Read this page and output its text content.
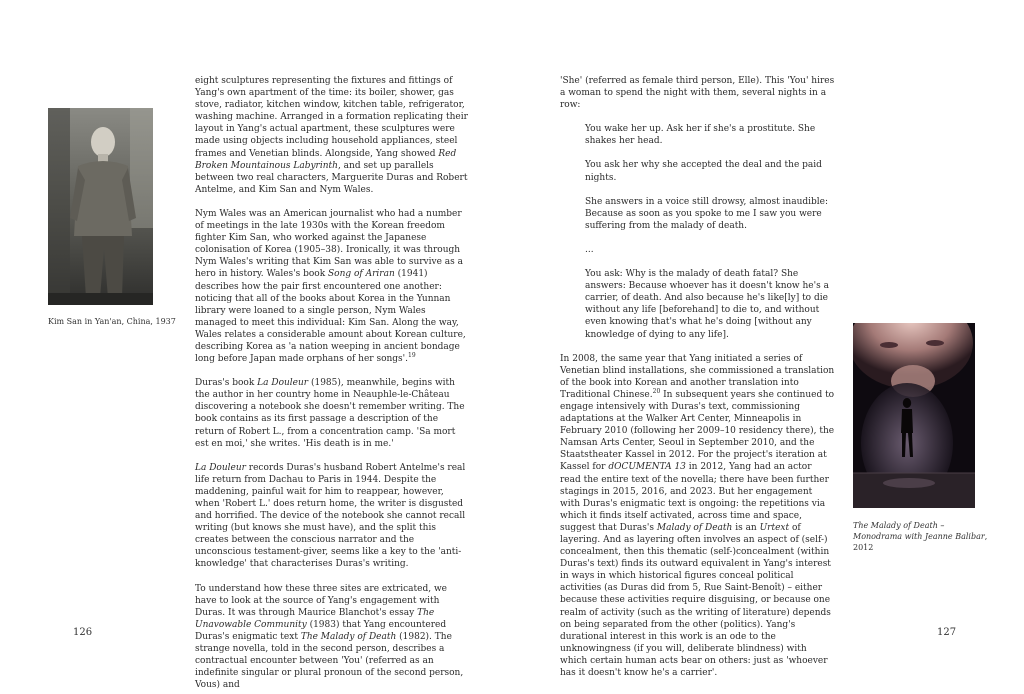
Kim San in Yan'an, China, 1937

eight sculptures representing the fixtures and fittings of Yang's own apartment of the time: its boiler, shower, gas stove, radiator, kitchen window, kitchen table, refrigerator, washing machine. Arranged in a formation replicating their layout in Yang's actual apartment, these sculptures were made using objects including household appliances, steel frames and Venetian blinds. Alongside, Yang showed Red Broken Mountainous Labyrinth, and set up parallels between two real characters, Marguerite Duras and Robert Antelme, and Kim San and Nym Wales.

Nym Wales was an American journalist who had a number of meetings in the late 1930s with the Korean freedom fighter Kim San, who worked against the Japanese colonisation of Korea (1905–38). Ironically, it was through Nym Wales's writing that Kim San was able to survive as a hero in history. Wales's book Song of Ariran (1941) describes how the pair first encountered one another: noticing that all of the books about Korea in the Yunnan library were loaned to a single person, Nym Wales managed to meet this individual: Kim San. Along the way, Wales relates a considerable amount about Korean culture, describing Korea as 'a nation weeping in ancient bondage long before Japan made orphans of her songs'.$^{19}$

Duras's book La Douleur (1985), meanwhile, begins with the author in her country home in Neauphle-le-Château discovering a notebook she doesn't remember writing. The book contains as its first passage a description of the return of Robert L., from a concentration camp. 'Sa mort est en moi,' she writes. 'His death is in me.'

La Douleur records Duras's husband Robert Antelme's real life return from Dachau to Paris in 1944. Despite the maddening, painful wait for him to reappear, however, when 'Robert L.' does return home, the writer is disgusted and horrified. The device of the notebook she cannot recall writing (but knows she must have), and the split this creates between the conscious narrator and the unconscious testament-giver, seems like a key to the 'anti-knowledge' that characterises Duras's writing.

To understand how these three sites are extricated, we have to look at the source of Yang's engagement with Duras. It was through Maurice Blanchot's essay The Unavowable Community (1983) that Yang encountered Duras's enigmatic text The Malady of Death (1982). The strange novella, told in the second person, describes a contractual encounter between 'You' (referred as an indefinite singular or plural pronoun of the second person, Vous) and

126

'She' (referred as female third person, Elle). This 'You' hires a woman to spend the night with them, several nights in a row:

You wake her up. Ask her if she's a prostitute. She shakes her head.

You ask her why she accepted the deal and the paid nights.

She answers in a voice still drowsy, almost inaudible: Because as soon as you spoke to me I saw you were suffering from the malady of death.

...

You ask: Why is the malady of death fatal? She answers: Because whoever has it doesn't know he's a carrier, of death. And also because he's like[ly] to die without any life [beforehand] to die to, and without even knowing that's what he's doing [without any knowledge of dying to any life].

In 2008, the same year that Yang initiated a series of Venetian blind installations, she commissioned a translation of the book into Korean and another translation into Traditional Chinese.$^{20}$ In subsequent years she continued to engage intensively with Duras's text, commissioning adaptations at the Walker Art Center, Minneapolis in February 2010 (following her 2009–10 residency there), the Namsan Arts Center, Seoul in September 2010, and the Staatstheater Kassel in 2012. For the project's iteration at Kassel for dOCUMENTA 13 in 2012, Yang had an actor read the entire text of the novella; there have been further stagings in 2015, 2016, and 2023. But her engagement with Duras's enigmatic text is ongoing: the repetitions via which it finds itself activated, across time and space, suggest that Duras's Malady of Death is an Urtext of layering. And as layering often involves an aspect of (self-) concealment, then this thematic (self-)concealment (within Duras's text) finds its outward equivalent in Yang's interest in ways in which historical figures conceal political activities (as Duras did from 5, Rue Saint-Benoît) – either because these activities require disguising, or because one realm of activity (such as the writing of literature) depends on being separated from the other (politics). Yang's durational interest in this work is an ode to the unknowingness (if you will, deliberate blindness) with which certain human acts bear on others: just as 'whoever has it doesn't know he's a carrier'.

The Malady of Death – Monodrama with Jeanne Balibar, 2012
127
